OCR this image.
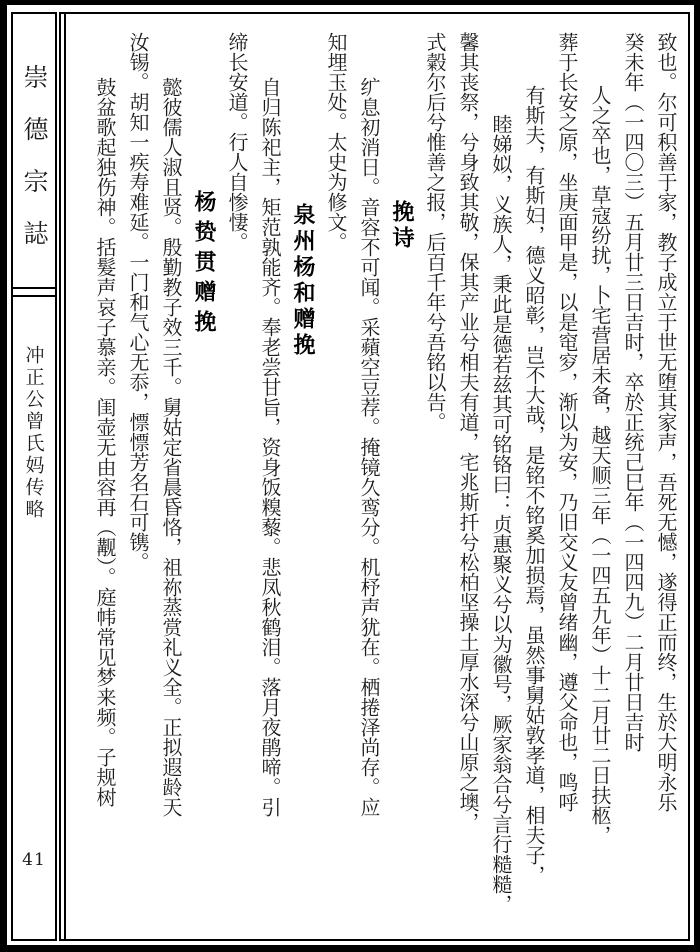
崇德宗誌
冲正公曾氏妈传略
41
致也。尔可积善于家，教子成立于世无堕其家声，吾死无憾，遂得正而终，生於大明永乐
癸未年（一四〇三）五月廿三日吉时，卒於正统己巳年（一四四九）二月廿日吉时
人之卒也，草寇纷扰，卜宅营居未备，越天顺三年（一四五九年）十二月廿二日扶柩，
葬于长安之原，坐庚面甲是，以是窀穸，渐以为安，乃旧交义友曾绪幽，遵父命也，鸣呼
有斯夫，有斯妇，德义昭彰，岂不大哉，是铭不铭奚加损焉，虽然事舅姑敦孝道，相夫子，
睦娣姒，义族人，秉此是德若兹其可铭铬曰：贞惠聚义兮以为徽号，厥家翁合兮言行糙糙，
馨其丧祭，兮身致其敬，保其产业兮相夫有道，宅兆斯扦兮松柏坚操土厚水深兮山原之墺，
式糓尔后兮惟善之报，后百千年兮吾铭以告。
挽诗
纩息初消日。音容不可闻。采蘋空豆荐。掩镜久鸾分。机杼声犹在。栖捲泽尚存。应
知埋玉处。太史为修文。
泉州杨和赠挽
自归陈祀主，矩范孰能齐。奉老尝甘旨，资身饭糗藜。悲凤秋鹤泪。落月夜鹃啼。引
缔长安道。行人自惨悽。
杨贽贯赠挽
懿彼儒人淑且贤。殷勤教子效三千。舅姑定省晨昏恪，祖祢蒸赏礼义全。正拟遐龄天
汝锡。胡知一疾寿难延。一门和气心无忝，慓慓芳名石可镌。
鼓盆歌起独伤神。括髮声哀子慕亲。闺壶无由容再（觏）。庭帏常见梦来频。子规树
